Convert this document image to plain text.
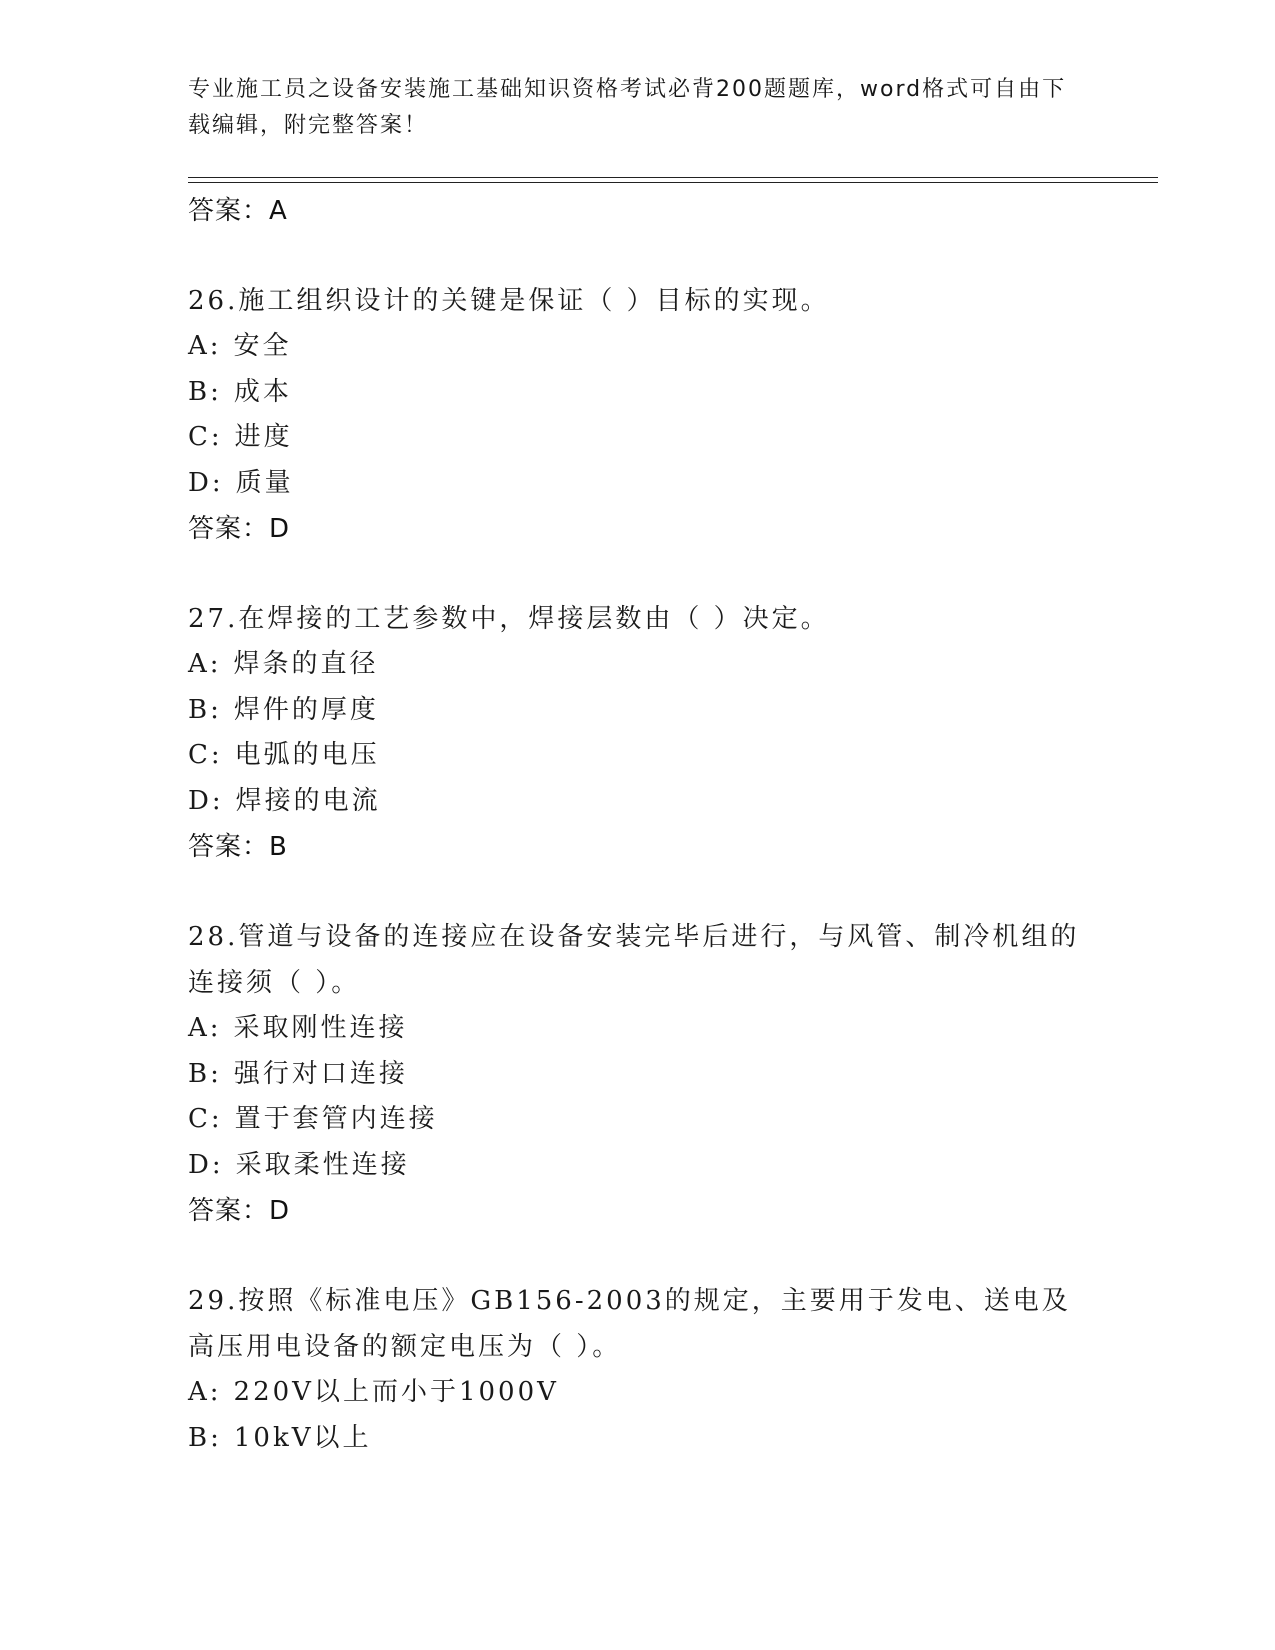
专业施工员之设备安装施工基础知识资格考试必背200题题库，word格式可自由下载编辑，附完整答案！
答案：A
26.施工组织设计的关键是保证（ ）目标的实现。
A: 安全
B: 成本
C: 进度
D: 质量
答案：D
27.在焊接的工艺参数中，焊接层数由（ ）决定。
A: 焊条的直径
B: 焊件的厚度
C: 电弧的电压
D: 焊接的电流
答案：B
28.管道与设备的连接应在设备安装完毕后进行，与风管、制冷机组的连接须（ ）。
A: 采取刚性连接
B: 强行对口连接
C: 置于套管内连接
D: 采取柔性连接
答案：D
29.按照《标准电压》GB156-2003的规定，主要用于发电、送电及高压用电设备的额定电压为（ ）。
A: 220V以上而小于1000V
B: 10kV以上
